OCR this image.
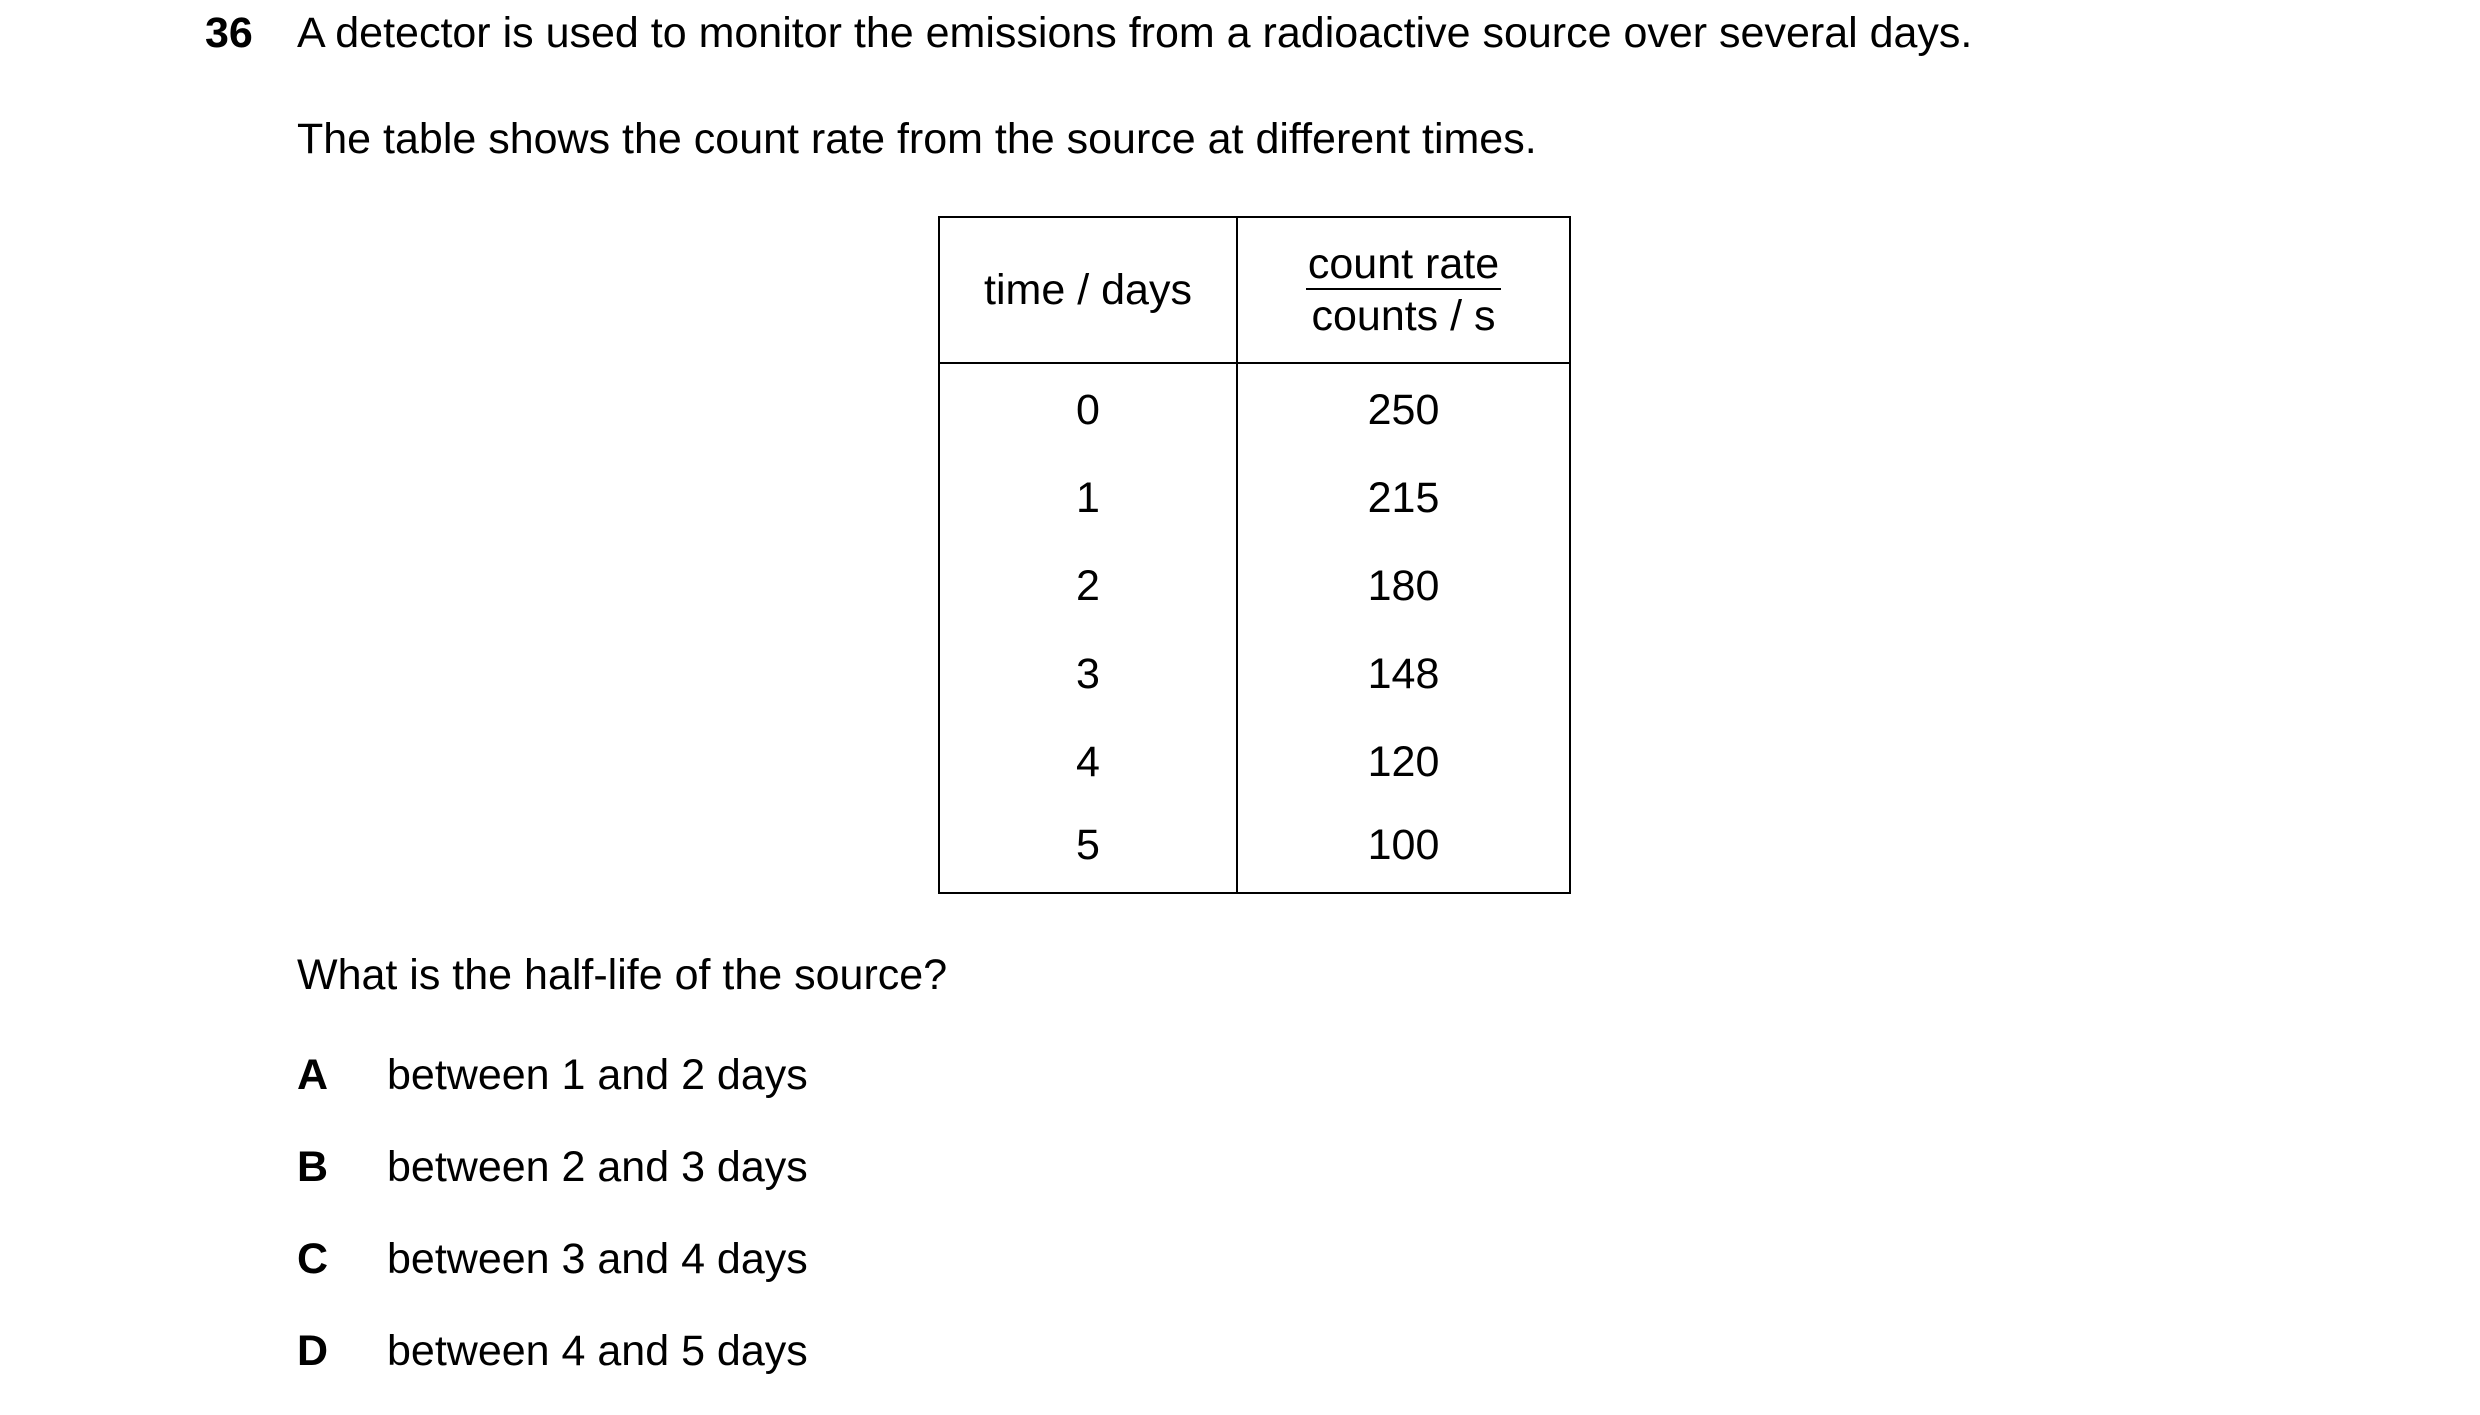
36 A detector is used to monitor the emissions from a radioactive source over several days.
The table shows the count rate from the source at different times.
time / days	count rate
counts / s

0	250
1	215
2	180
3	148
4	120
5	100
What is the half-life of the source?
A between 1 and 2 days
B between 2 and 3 days
C between 3 and 4 days
D between 4 and 5 days
